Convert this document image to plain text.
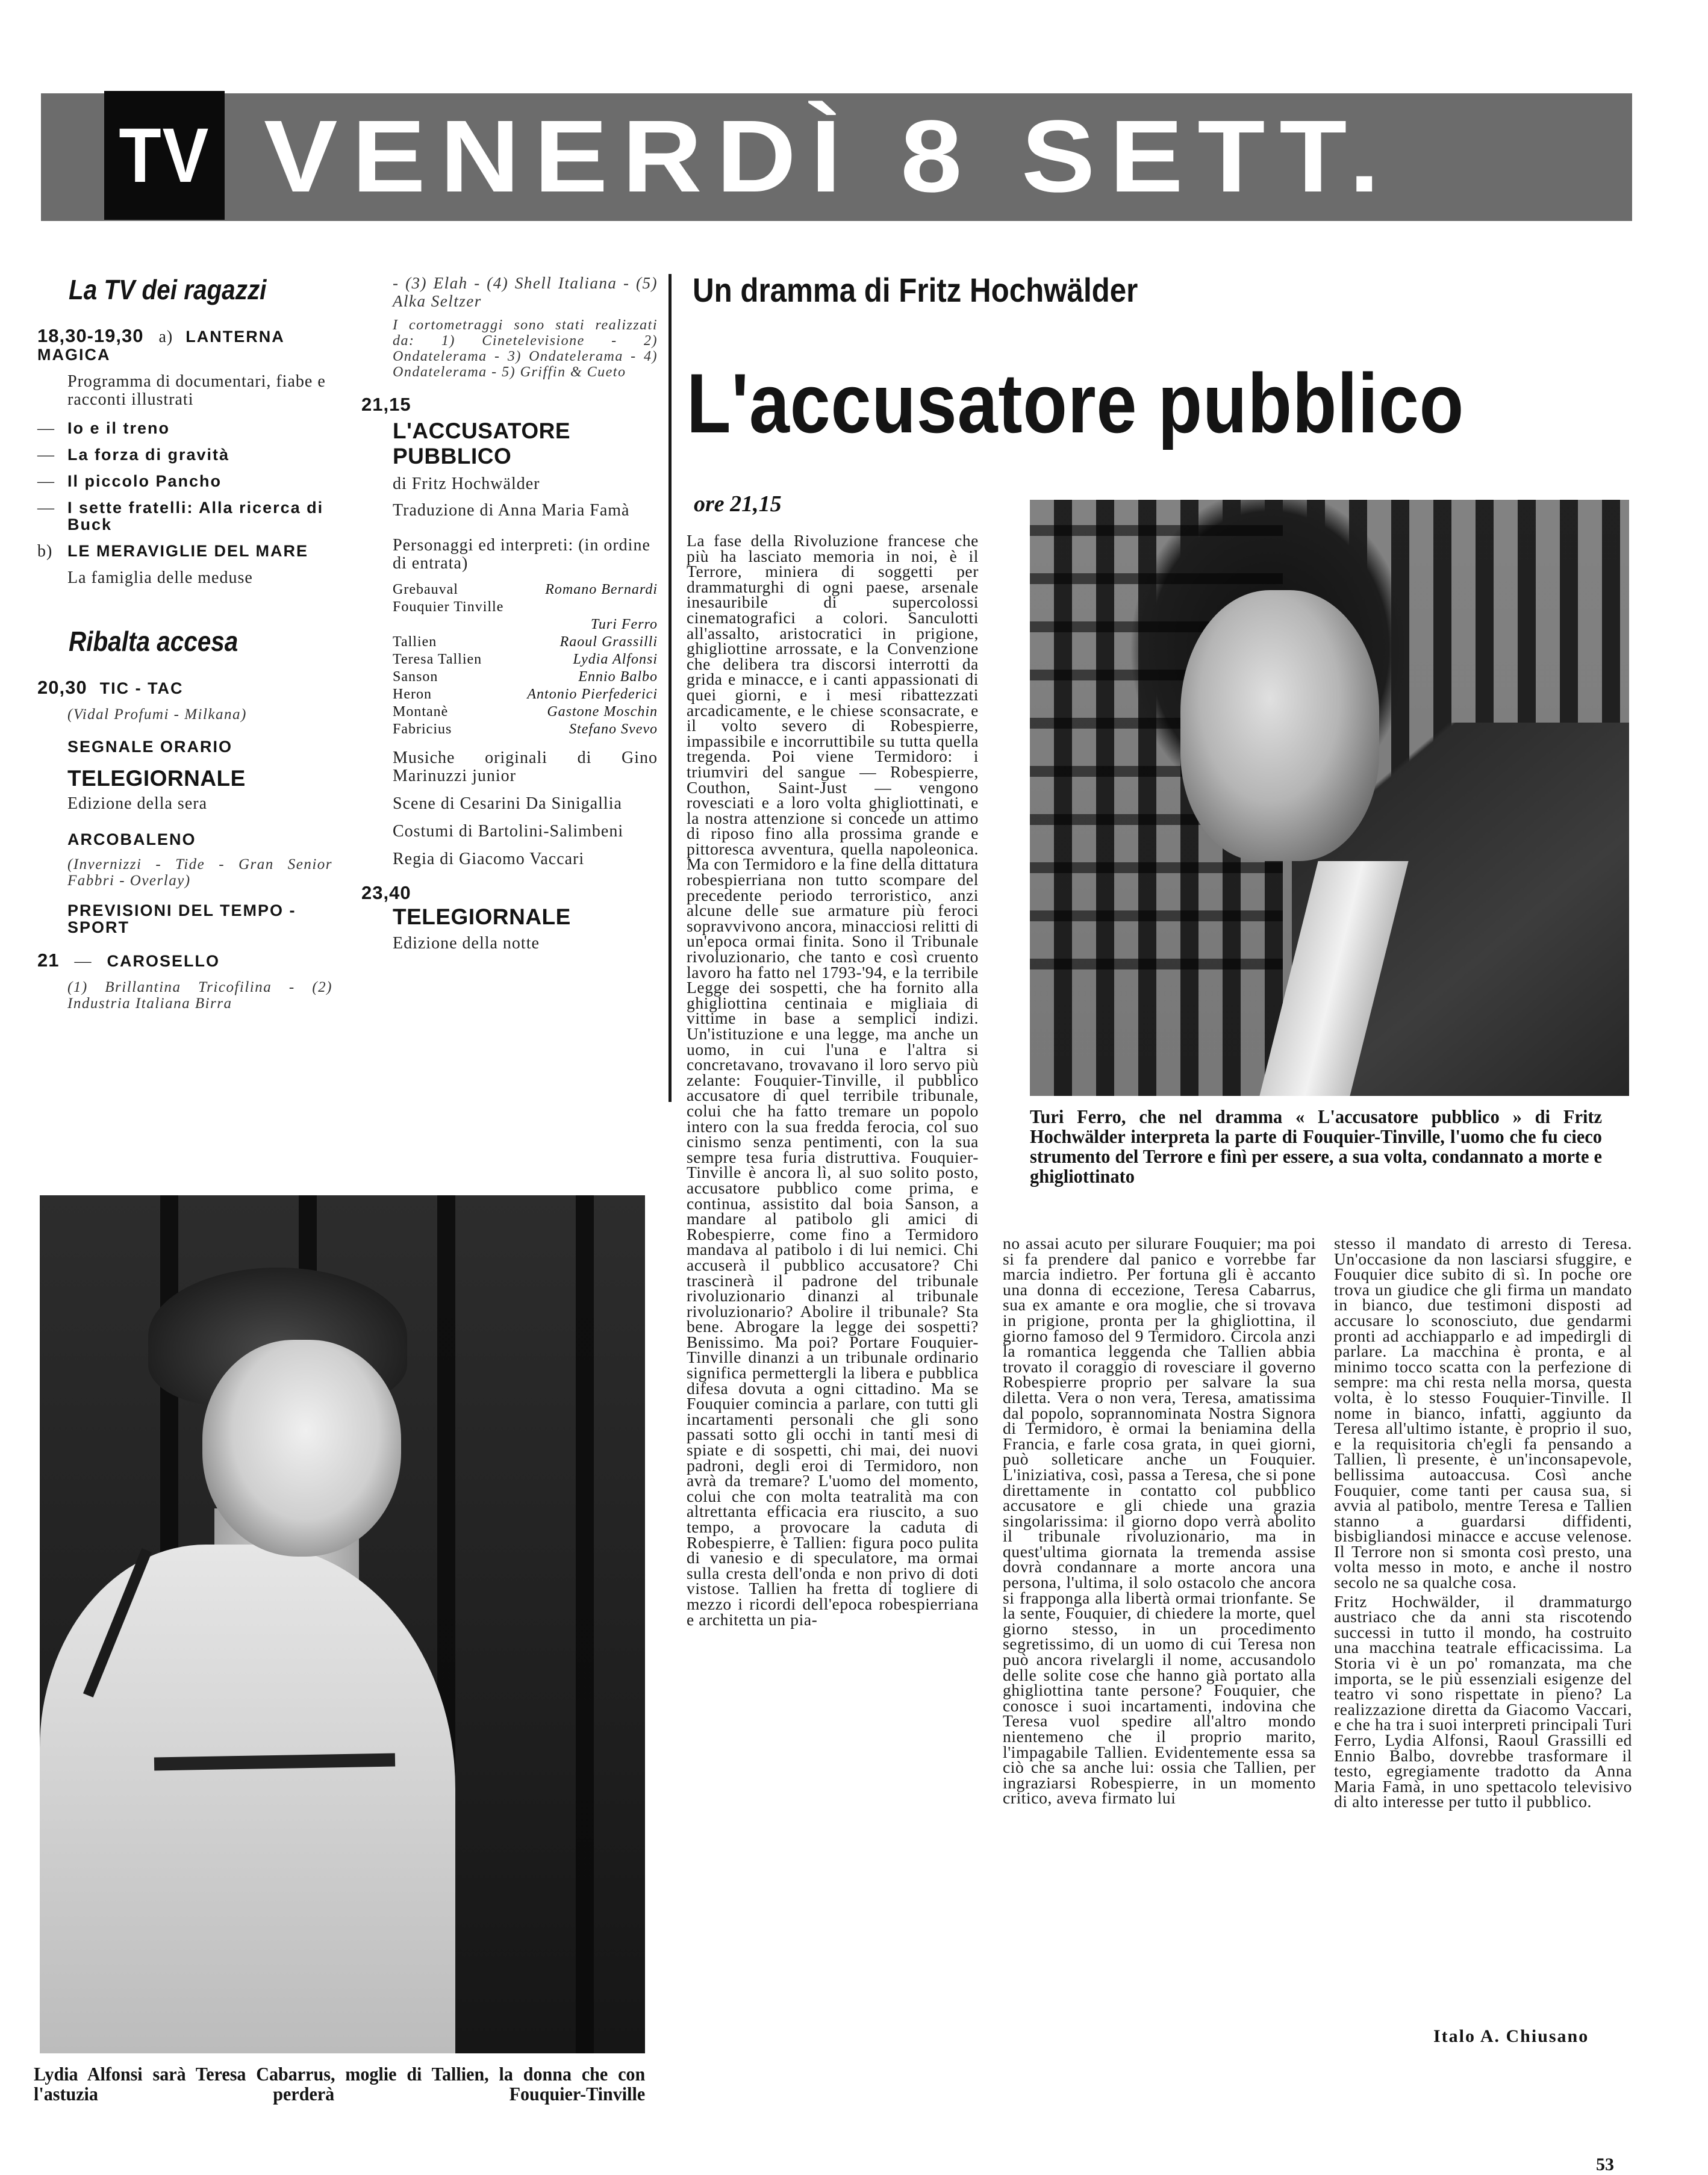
TV VENERDÌ 8 SETT.
La TV dei ragazzi
18,30-19,30 a) LANTERNA MAGICA
Programma di documentari, fiabe e racconti illustrati
— Io e il treno
— La forza di gravità
— Il piccolo Pancho
— I sette fratelli: Alla ricerca di Buck
b) LE MERAVIGLIE DEL MARE
La famiglia delle meduse
Ribalta accesa
20,30 TIC - TAC
(Vidal Profumi - Milkana)
SEGNALE ORARIO
TELEGIORNALE
Edizione della sera
ARCOBALENO
(Invernizzi - Tide - Gran Senior Fabbri - Overlay)
PREVISIONI DEL TEMPO - SPORT
21 — CAROSELLO
(1) Brillantina Tricofilina - (2) Industria Italiana Birra
- (3) Elah - (4) Shell Italiana - (5) Alka Seltzer
I cortometraggi sono stati realizzati da: 1) Cinetelevisione - 2) Ondatelerama - 3) Ondatelerama - 4) Ondatelerama - 5) Griffin & Cueto
21,15
L'ACCUSATORE PUBBLICO
di Fritz Hochwälder
Traduzione di Anna Maria Famà
Personaggi ed interpreti: (in ordine di entrata)
Grebauval	Romano Bernardi
Fouquier Tinville
Turi Ferro
Tallien	Raoul Grassilli
Teresa Tallien	Lydia Alfonsi
Sanson	Ennio Balbo
Heron	Antonio Pierfederici
Montanè	Gastone Moschin
Fabricius	Stefano Svevo
Musiche originali di Gino Marinuzzi junior
Scene di Cesarini Da Sinigallia
Costumi di Bartolini-Salimbeni
Regia di Giacomo Vaccari
23,40
TELEGIORNALE
Edizione della notte
Un dramma di Fritz Hochwälder
L'accusatore pubblico
ore 21,15

La fase della Rivoluzione francese che più ha lasciato memoria in noi, è il Terrore, miniera di soggetti per drammaturghi di ogni paese, arsenale inesauribile di supercolossi cinematografici a colori. Sanculotti all'assalto, aristocratici in prigione, ghigliottine arrossate, e la Convenzione che delibera tra discorsi interrotti da grida e minacce, e i canti appassionati di quei giorni, e i mesi ribattezzati arcadicamente, e le chiese sconsacrate, e il volto severo di Robespierre, impassibile e incorruttibile su tutta quella tregenda. Poi viene Termidoro: i triumviri del sangue — Robespierre, Couthon, Saint-Just — vengono rovesciati e a loro volta ghigliottinati, e la nostra attenzione si concede un attimo di riposo fino alla prossima grande e pittoresca avventura, quella napoleonica. Ma con Termidoro e la fine della dittatura robespierriana non tutto scompare del precedente periodo terroristico, anzi alcune delle sue armature più feroci sopravvivono ancora, minacciosi relitti di un'epoca ormai finita. Sono il Tribunale rivoluzionario, che tanto e così cruento lavoro ha fatto nel 1793-'94, e la terribile Legge dei sospetti, che ha fornito alla ghigliottina centinaia e migliaia di vittime in base a semplici indizi. Un'istituzione e una legge, ma anche un uomo, in cui l'una e l'altra si concretavano, trovavano il loro servo più zelante: Fouquier-Tinville, il pubblico accusatore di quel terribile tribunale, colui che ha fatto tremare un popolo intero con la sua fredda ferocia, col suo cinismo senza pentimenti, con la sua sempre tesa furia distruttiva. Fouquier-Tinville è ancora lì, al suo solito posto, accusatore pubblico come prima, e continua, assistito dal boia Sanson, a mandare al patibolo gli amici di Robespierre, come fino a Termidoro mandava al patibolo i di lui nemici. Chi accuserà il pubblico accusatore? Chi trascinerà il padrone del tribunale rivoluzionario dinanzi al tribunale rivoluzionario? Abolire il tribunale? Sta bene. Abrogare la legge dei sospetti? Benissimo. Ma poi? Portare Fouquier-Tinville dinanzi a un tribunale ordinario significa permettergli la libera e pubblica difesa dovuta a ogni cittadino. Ma se Fouquier comincia a parlare, con tutti gli incartamenti personali che gli sono passati sotto gli occhi in tanti mesi di spiate e di sospetti, chi mai, dei nuovi padroni, degli eroi di Termidoro, non avrà da tremare? L'uomo del momento, colui che con molta teatralità ma con altrettanta efficacia era riuscito, a suo tempo, a provocare la caduta di Robespierre, è Tallien: figura poco pulita di vanesio e di speculatore, ma ormai sulla cresta dell'onda e non privo di doti vistose. Tallien ha fretta di togliere di mezzo i ricordi dell'epoca robespierriana e architetta un pia-

no assai acuto per silurare Fouquier; ma poi si fa prendere dal panico e vorrebbe far marcia indietro. Per fortuna gli è accanto una donna di eccezione, Teresa Cabarrus, sua ex amante e ora moglie, che si trovava in prigione, pronta per la ghigliottina, il giorno famoso del 9 Termidoro. Circola anzi la romantica leggenda che Tallien abbia trovato il coraggio di rovesciare il governo Robespierre proprio per salvare la sua diletta. Vera o non vera, Teresa, amatissima dal popolo, soprannominata Nostra Signora di Termidoro, è ormai la beniamina della Francia, e farle cosa grata, in quei giorni, può solleticare anche un Fouquier. L'iniziativa, così, passa a Teresa, che si pone direttamente in contatto col pubblico accusatore e gli chiede una grazia singolarissima: il giorno dopo verrà abolito il tribunale rivoluzionario, ma in quest'ultima giornata la tremenda assise dovrà condannare a morte ancora una persona, l'ultima, il solo ostacolo che ancora si frapponga alla libertà ormai trionfante. Se la sente, Fouquier, di chiedere la morte, quel giorno stesso, in un procedimento segretissimo, di un uomo di cui Teresa non può ancora rivelargli il nome, accusandolo delle solite cose che hanno già portato alla ghigliottina tante persone? Fouquier, che conosce i suoi incartamenti, indovina che Teresa vuol spedire all'altro mondo nientemeno che il proprio marito, l'impagabile Tallien. Evidentemente essa sa ciò che sa anche lui: ossia che Tallien, per ingraziarsi Robespierre, in un momento critico, aveva firmato lui

stesso il mandato di arresto di Teresa. Un'occasione da non lasciarsi sfuggire, e Fouquier dice subito di sì. In poche ore trova un giudice che gli firma un mandato in bianco, due testimoni disposti ad accusare lo sconosciuto, due gendarmi pronti ad acchiapparlo e ad impedirgli di parlare. La macchina è pronta, e al minimo tocco scatta con la perfezione di sempre: ma chi resta nella morsa, questa volta, è lo stesso Fouquier-Tinville. Il nome in bianco, infatti, aggiunto da Teresa all'ultimo istante, è proprio il suo, e la requisitoria ch'egli fa pensando a Tallien, lì presente, è un'inconsapevole, bellissima autoaccusa. Così anche Fouquier, come tanti per causa sua, si avvia al patibolo, mentre Teresa e Tallien stanno a guardarsi diffidenti, bisbigliandosi minacce e accuse velenose. Il Terrore non si smonta così presto, una volta messo in moto, e anche il nostro secolo ne sa qualche cosa.

Fritz Hochwälder, il drammaturgo austriaco che da anni sta riscotendo successi in tutto il mondo, ha costruito una macchina teatrale efficacissima. La Storia vi è un po' romanzata, ma che importa, se le più essenziali esigenze del teatro vi sono rispettate in pieno? La realizzazione diretta da Giacomo Vaccari, e che ha tra i suoi interpreti principali Turi Ferro, Lydia Alfonsi, Raoul Grassilli ed Ennio Balbo, dovrebbe trasformare il testo, egregiamente tradotto da Anna Maria Famà, in uno spettacolo televisivo di alto interesse per tutto il pubblico.

Italo A. Chiusano
Turi Ferro, che nel dramma « L'accusatore pubblico » di Fritz Hochwälder interpreta la parte di Fouquier-Tinville, l'uomo che fu cieco strumento del Terrore e finì per essere, a sua volta, condannato a morte e ghigliottinato
Lydia Alfonsi sarà Teresa Cabarrus, moglie di Tallien, la donna che con l'astuzia perderà Fouquier-Tinville
53
